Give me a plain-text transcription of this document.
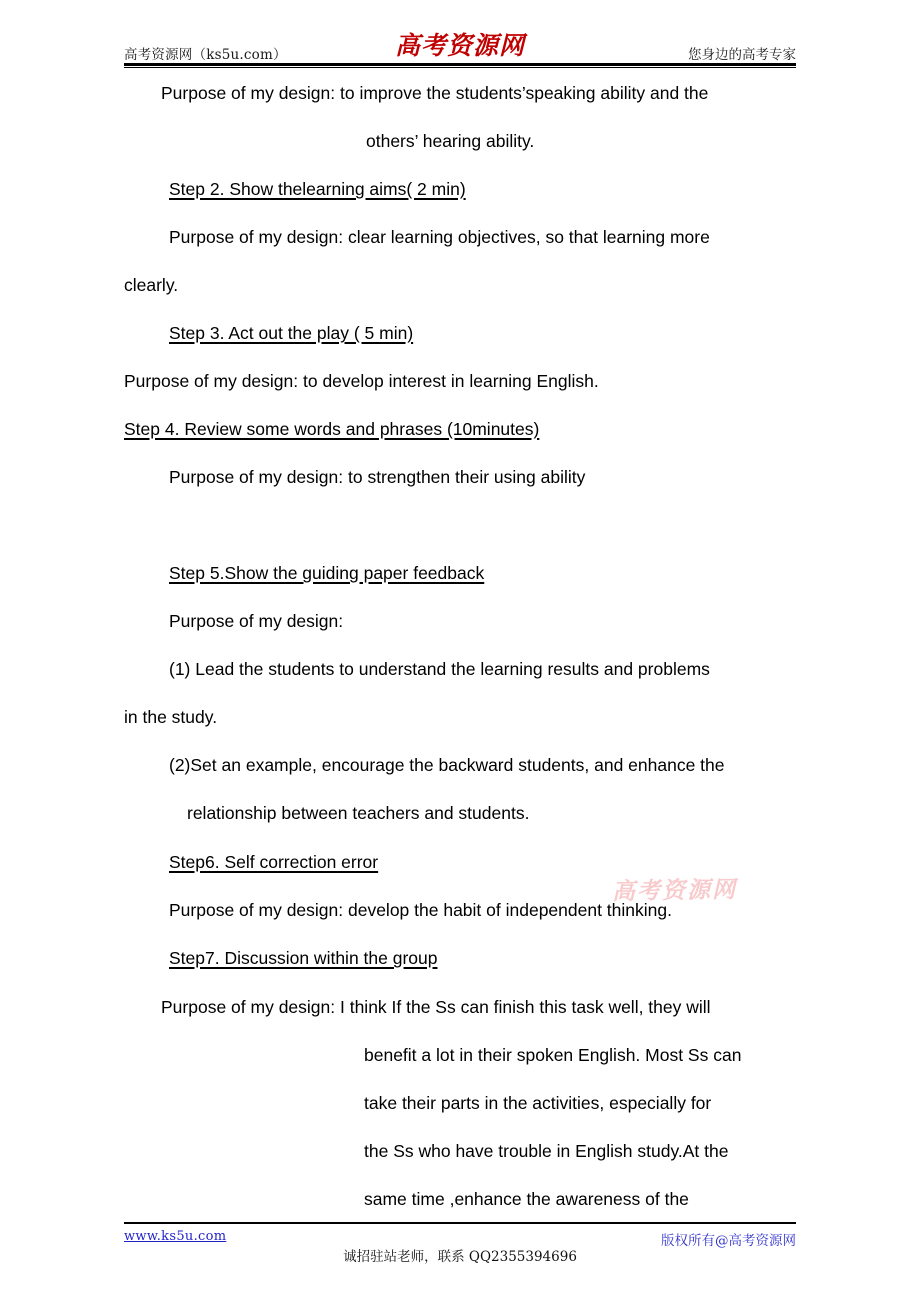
高考资源网（ks5u.com）	高考资源网	您身边的高考专家
Purpose of my design: to improve the students’speaking ability and the
others’ hearing ability.
Step 2. Show thelearning aims( 2 min)
Purpose of my design: clear learning objectives, so that learning more
clearly.
Step 3. Act out the play ( 5 min)
Purpose of my design: to develop interest in learning English.
Step 4. Review some words and phrases (10minutes)
Purpose of my design: to strengthen their using ability
Step 5.Show the guiding paper feedback
Purpose of my design:
(1) Lead the students to understand the learning results and problems
in the study.
(2)Set an example, encourage the backward students, and enhance the
relationship between teachers and students.
Step6. Self correction error
Purpose of my design: develop the habit of independent thinking.
Step7. Discussion within the group
Purpose of my design: I think If the Ss can finish this task well, they will
benefit a lot in their spoken English. Most Ss can
take their parts in the activities, especially for
the Ss who have trouble in English study.At the
same time ,enhance the awareness of the
高考资源网
www.ks5u.com	版权所有@高考资源网
诚招驻站老师，联系 QQ2355394696
